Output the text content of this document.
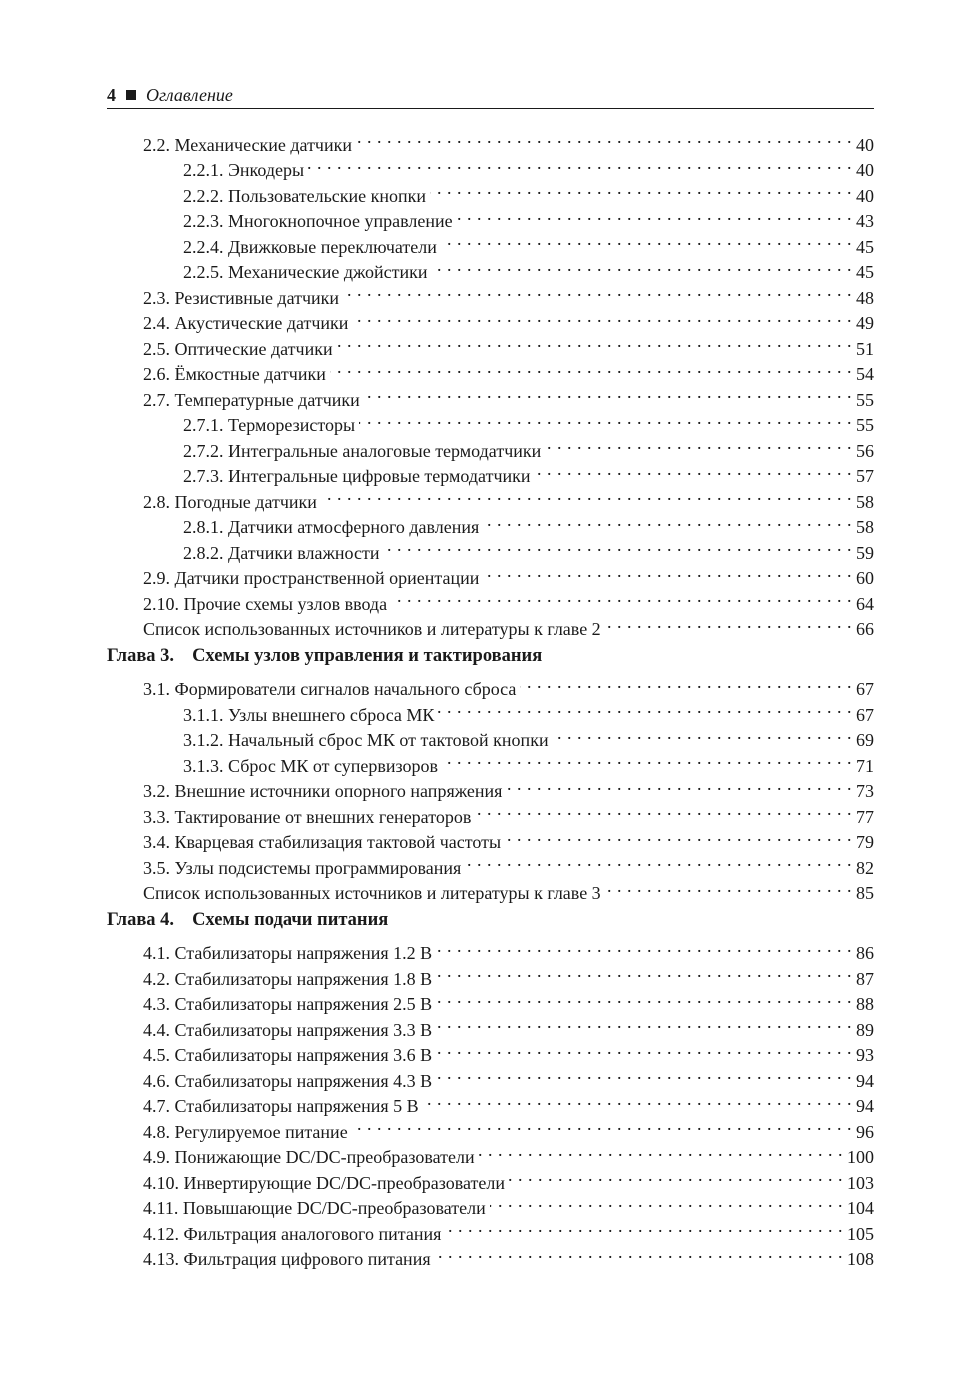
4 Оглавление
2.2. Механические датчики . . .	40
2.2.1. Энкодеры . . .	40
2.2.2. Пользовательские кнопки . . .	40
2.2.3. Многокнопочное управление . . .	43
2.2.4. Движковые переключатели . . .	45
2.2.5. Механические джойстики . . .	45
2.3. Резистивные датчики . . .	48
2.4. Акустические датчики . . .	49
2.5. Оптические датчики . . .	51
2.6. Ёмкостные датчики . . .	54
2.7. Температурные датчики . . .	55
2.7.1. Терморезисторы . . .	55
2.7.2. Интегральные аналоговые термодатчики . . .	56
2.7.3. Интегральные цифровые термодатчики . . .	57
2.8. Погодные датчики . . .	58
2.8.1. Датчики атмосферного давления . . .	58
2.8.2. Датчики влажности . . .	59
2.9. Датчики пространственной ориентации . . .	60
2.10. Прочие схемы узлов ввода . . .	64
Список использованных источников и литературы к главе 2 . . .	66
Глава 3. Схемы узлов управления и тактирования
3.1. Формирователи сигналов начального сброса . . .	67
3.1.1. Узлы внешнего сброса МК . . .	67
3.1.2. Начальный сброс МК от тактовой кнопки . . .	69
3.1.3. Сброс МК от супервизоров . . .	71
3.2. Внешние источники опорного напряжения . . .	73
3.3. Тактирование от внешних генераторов . . .	77
3.4. Кварцевая стабилизация тактовой частоты . . .	79
3.5. Узлы подсистемы программирования . . .	82
Список использованных источников и литературы к главе 3 . . .	85
Глава 4. Схемы подачи питания
4.1. Стабилизаторы напряжения 1.2 В . . .	86
4.2. Стабилизаторы напряжения 1.8 В . . .	87
4.3. Стабилизаторы напряжения 2.5 В . . .	88
4.4. Стабилизаторы напряжения 3.3 В . . .	89
4.5. Стабилизаторы напряжения 3.6 В . . .	93
4.6. Стабилизаторы напряжения 4.3 В . . .	94
4.7. Стабилизаторы напряжения 5 В . . .	94
4.8. Регулируемое питание . . .	96
4.9. Понижающие DC/DC-преобразователи . . .	100
4.10. Инвертирующие DC/DC-преобразователи . . .	103
4.11. Повышающие DC/DC-преобразователи . . .	104
4.12. Фильтрация аналогового питания . . .	105
4.13. Фильтрация цифрового питания . . .	108
